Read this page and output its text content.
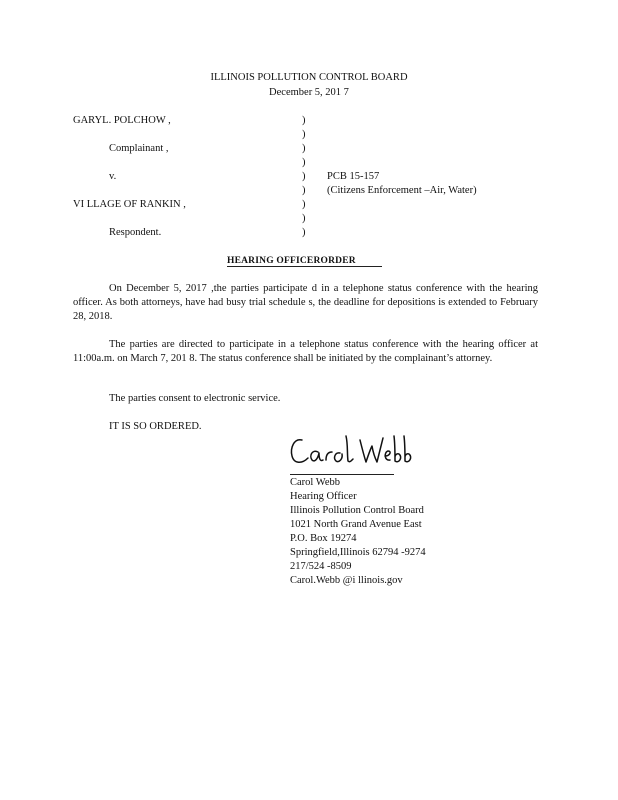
ILLINOIS POLLUTION CONTROL BOARD
December 5, 201 7
GARYL. POLCHOW ,
Complainant ,
v.
VI LLAGE OF RANKIN ,
Respondent.
)
)
)
)
)
)
)
)
)
PCB 15-157
(Citizens Enforcement –Air, Water)
HEARING OFFICERORDER
On December 5, 2017 ,the parties participate d in a telephone status conference with the hearing officer. As both attorneys, have had busy trial schedule s, the deadline for depositions is extended to February 28, 2018.
The parties are directed to participate in a telephone status conference with the hearing officer at 11:00a.m. on March 7, 201 8. The status conference shall be initiated by the complainant’s attorney.
The parties consent to electronic service.
IT IS SO ORDERED.
Carol Webb
Hearing Officer
Illinois Pollution Control Board
1021 North Grand Avenue East
P.O. Box 19274
Springfield,Illinois 62794 -9274
217/524 -8509
Carol.Webb @i llinois.gov
